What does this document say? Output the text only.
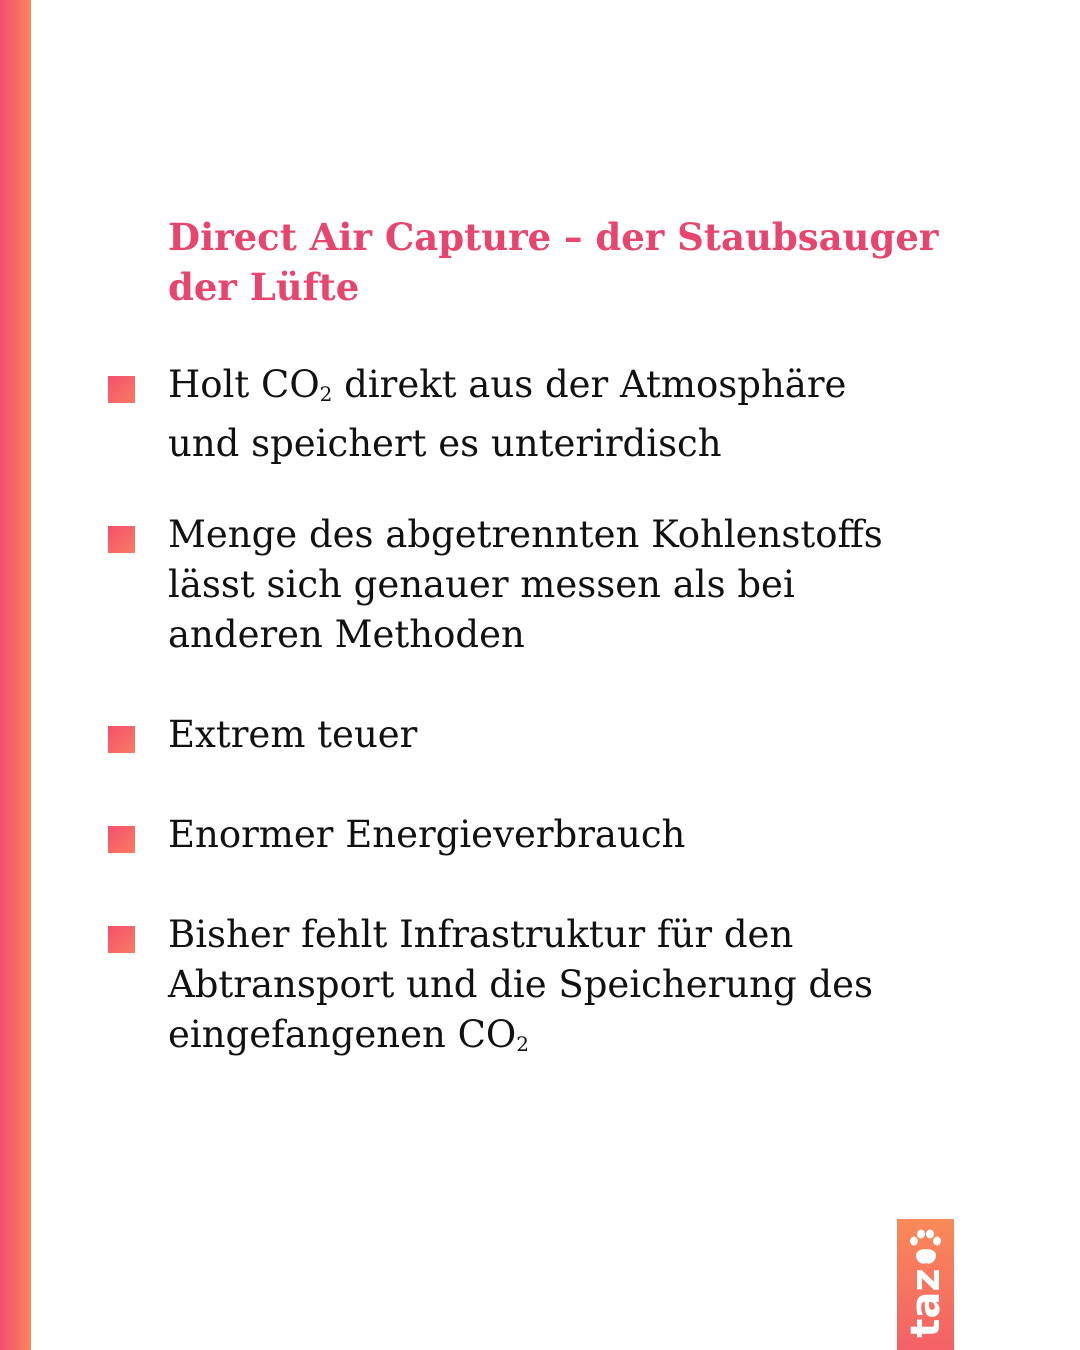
Direct Air Capture – der Staubsauger der Lüfte
Holt $CO_2$ direkt aus der Atmosphäre und speichert es unterirdisch
Menge des abgetrennten Kohlenstoffs lässt sich genauer messen als bei anderen Methoden
Extrem teuer
Enormer Energieverbrauch
Bisher fehlt Infrastruktur für den Abtransport und die Speicherung des eingefangenen $CO_2$
taz
